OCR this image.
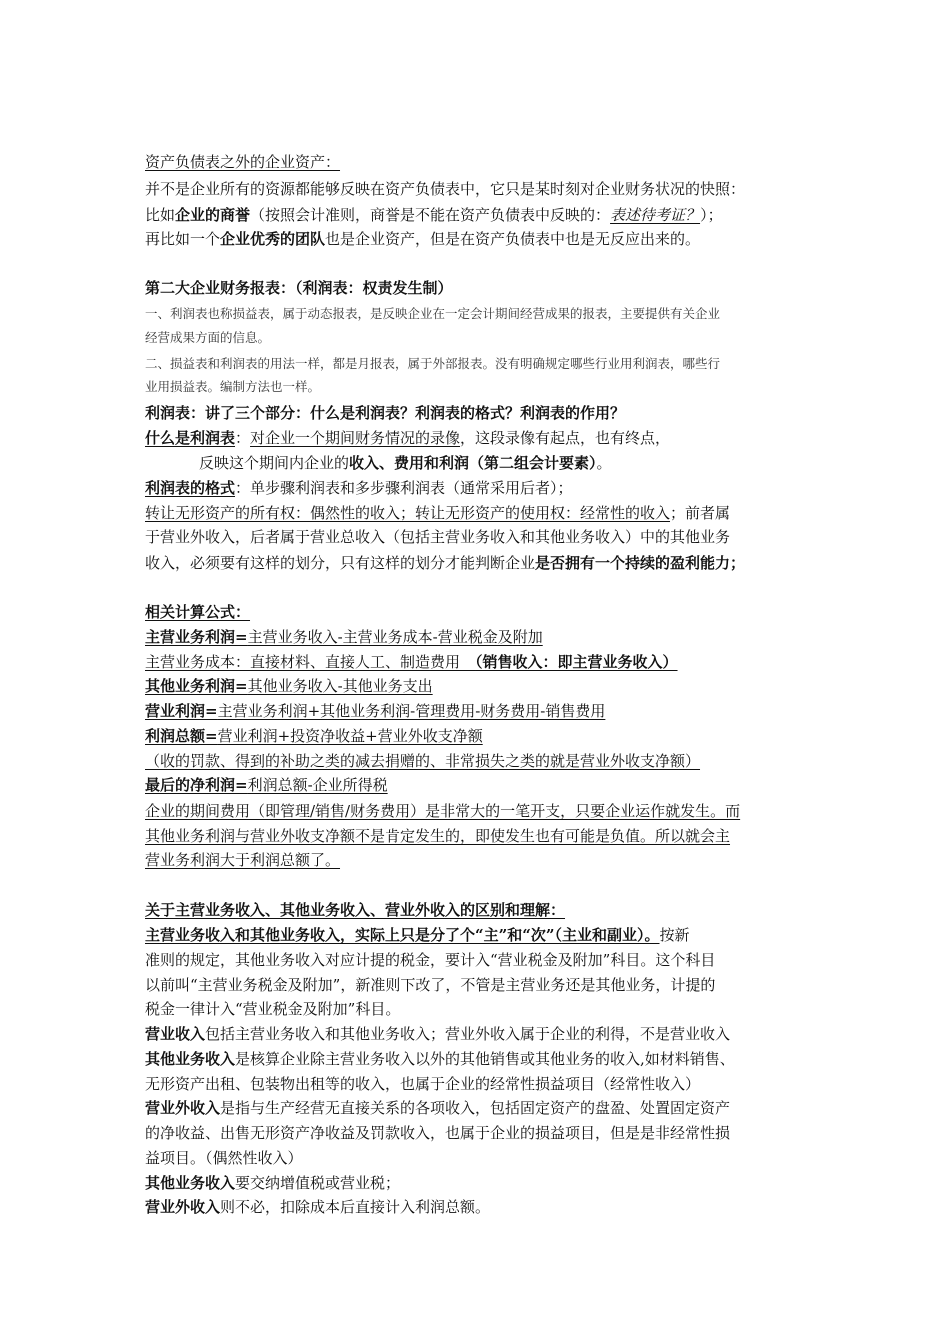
资产负债表之外的企业资产：
并不是企业所有的资源都能够反映在资产负债表中，它只是某时刻对企业财务状况的快照：
比如企业的商誉（按照会计准则，商誉是不能在资产负债表中反映的：表述待考证？）；
再比如一个企业优秀的团队也是企业资产，但是在资产负债表中也是无反应出来的。
第二大企业财务报表：（利润表：权责发生制）
一、利润表也称损益表，属于动态报表，是反映企业在一定会计期间经营成果的报表，主要提供有关企业
经营成果方面的信息。
二、损益表和利润表的用法一样，都是月报表，属于外部报表。没有明确规定哪些行业用利润表，哪些行
业用损益表。编制方法也一样。
利润表：讲了三个部分：什么是利润表？利润表的格式？利润表的作用？
什么是利润表：对企业一个期间财务情况的录像，这段录像有起点，也有终点，
反映这个期间内企业的收入、费用和利润（第二组会计要素）。
利润表的格式：单步骤利润表和多步骤利润表（通常采用后者）；
转让无形资产的所有权：偶然性的收入；转让无形资产的使用权：经常性的收入；前者属
于营业外收入，后者属于营业总收入（包括主营业务收入和其他业务收入）中的其他业务
收入，必须要有这样的划分，只有这样的划分才能判断企业是否拥有一个持续的盈利能力；
相关计算公式：
主营业务利润=主营业务收入-主营业务成本-营业税金及附加
主营业务成本：直接材料、直接人工、制造费用　（销售收入：即主营业务收入）
其他业务利润=其他业务收入-其他业务支出
营业利润=主营业务利润+其他业务利润-管理费用-财务费用-销售费用
利润总额=营业利润+投资净收益+营业外收支净额
（收的罚款、得到的补助之类的减去捐赠的、非常损失之类的就是营业外收支净额）
最后的净利润=利润总额-企业所得税
企业的期间费用（即管理/销售/财务费用）是非常大的一笔开支，只要企业运作就发生。而
其他业务利润与营业外收支净额不是肯定发生的，即使发生也有可能是负值。所以就会主
营业务利润大于利润总额了。
关于主营业务收入、其他业务收入、营业外收入的区别和理解：
主营业务收入和其他业务收入，实际上只是分了个“主”和“次”（主业和副业）。按新
准则的规定，其他业务收入对应计提的税金，要计入“营业税金及附加”科目。这个科目
以前叫“主营业务税金及附加”，新准则下改了，不管是主营业务还是其他业务，计提的
税金一律计入“营业税金及附加”科目。
营业收入包括主营业务收入和其他业务收入；营业外收入属于企业的利得，不是营业收入
其他业务收入是核算企业除主营业务收入以外的其他销售或其他业务的收入,如材料销售、
无形资产出租、包装物出租等的收入，也属于企业的经常性损益项目（经常性收入）
营业外收入是指与生产经营无直接关系的各项收入，包括固定资产的盘盈、处置固定资产
的净收益、出售无形资产净收益及罚款收入，也属于企业的损益项目，但是是非经常性损
益项目。（偶然性收入）
其他业务收入要交纳增值税或营业税；
营业外收入则不必，扣除成本后直接计入利润总额。
